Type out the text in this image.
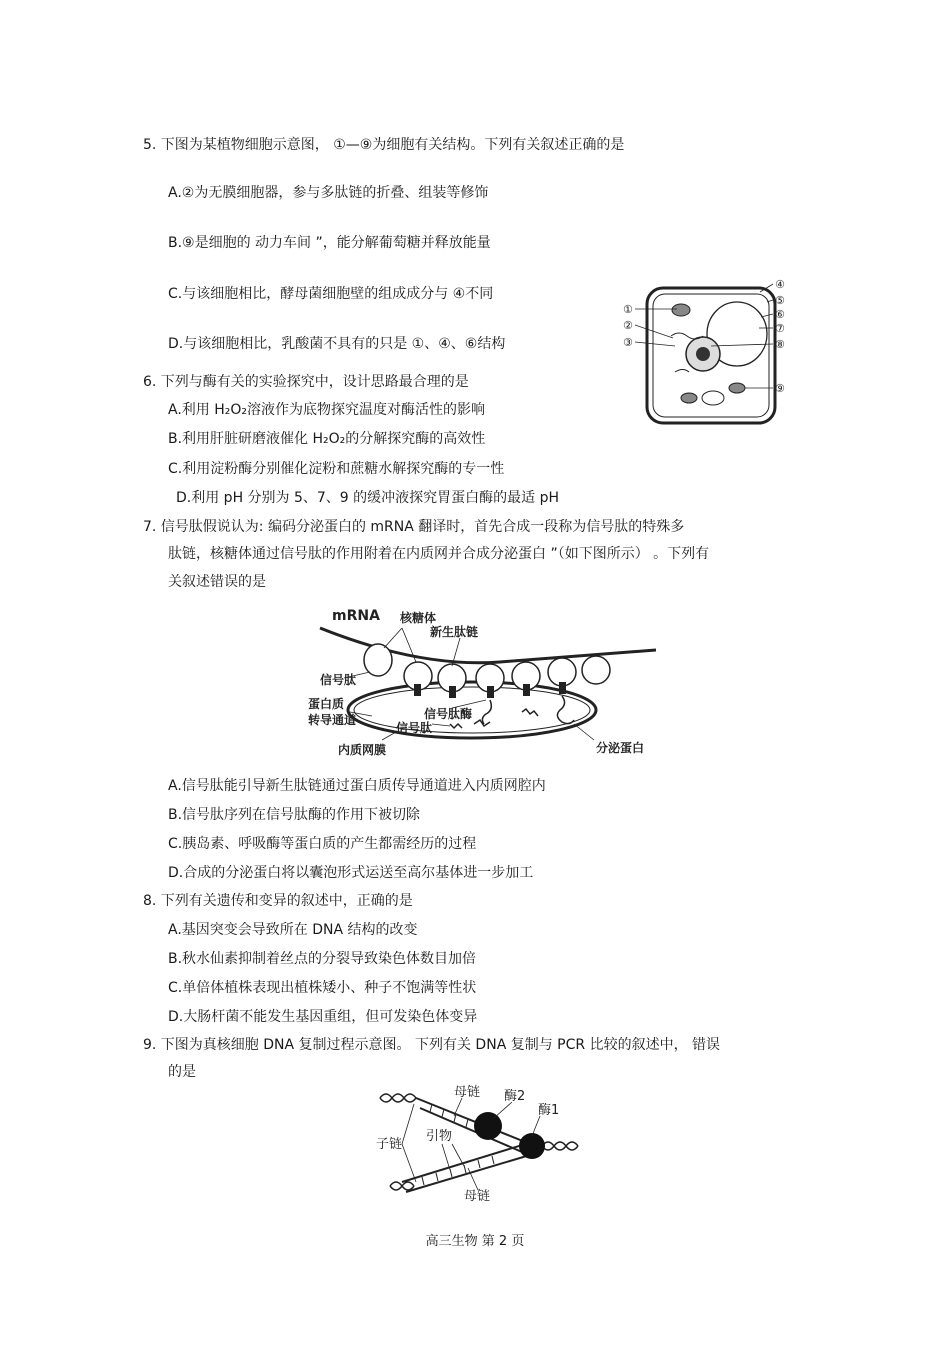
5. 下图为某植物细胞示意图， ①—⑨为细胞有关结构。下列有关叙述正确的是
A.②为无膜细胞器，参与多肽链的折叠、组装等修饰
B.⑨是细胞的 动力车间 ”，能分解葡萄糖并释放能量
C.与该细胞相比，酵母菌细胞壁的组成成分与 ④不同
D.与该细胞相比，乳酸菌不具有的只是 ①、④、⑥结构
①
②
③
④
⑤
⑥
⑦
⑧
⑨
6. 下列与酶有关的实验探究中，设计思路最合理的是
A.利用 H₂O₂溶液作为底物探究温度对酶活性的影响
B.利用肝脏研磨液催化 H₂O₂的分解探究酶的高效性
C.利用淀粉酶分别催化淀粉和蔗糖水解探究酶的专一性
D.利用 pH 分别为 5、7、9 的缓冲液探究胃蛋白酶的最适 pH
7. 信号肽假说认为: 编码分泌蛋白的 mRNA 翻译时，首先合成一段称为信号肽的特殊多
肽链，核糖体通过信号肽的作用附着在内质网并合成分泌蛋白 ”（如下图所示） 。下列有
关叙述错误的是
mRNA 核糖体
新生肽链
信号肽
蛋白质
转导通道	信号肽酶
信号肽
内质网膜	分泌蛋白
A.信号肽能引导新生肽链通过蛋白质传导通道进入内质网腔内
B.信号肽序列在信号肽酶的作用下被切除
C.胰岛素、呼吸酶等蛋白质的产生都需经历的过程
D.合成的分泌蛋白将以囊泡形式运送至高尔基体进一步加工
8. 下列有关遗传和变异的叙述中，正确的是
A.基因突变会导致所在 DNA 结构的改变
B.秋水仙素抑制着丝点的分裂导致染色体数目加倍
C.单倍体植株表现出植株矮小、种子不饱满等性状
D.大肠杆菌不能发生基因重组，但可发染色体变异
9. 下图为真核细胞 DNA 复制过程示意图。 下列有关 DNA 复制与 PCR 比较的叙述中， 错误
的是
母链 酶2
酶1
子链
引物
母链
高三生物 第 2 页
